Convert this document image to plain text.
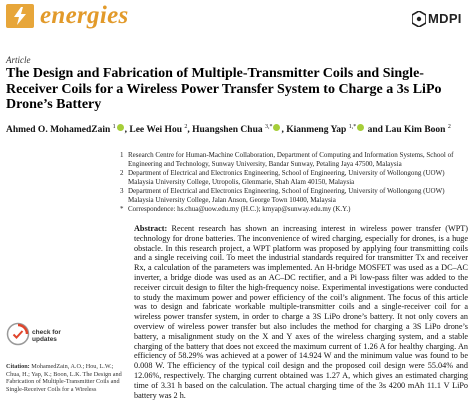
energies	MDPI
Article
The Design and Fabrication of Multiple-Transmitter Coils and Single-Receiver Coils for a Wireless Power Transfer System to Charge a 3s LiPo Drone’s Battery
Ahmed O. MohamedZain $^1$ , Lee Wei Hou $^2$, Huangshen Chua $^{3,*}$ , Kianmeng Yap $^{1,*}$ and Lau Kim Boon $^2$
1 Research Centre for Human-Machine Collaboration, Department of Computing and Information Systems, School of Engineering and Technology, Sunway University, Bandar Sunway, Petaling Jaya 47500, Malaysia
2 Department of Electrical and Electronics Engineering, School of Engineering, University of Wollongong (UOW) Malaysia University College, Utropolis, Glenmarie, Shah Alam 40150, Malaysia
3 Department of Electrical and Electronics Engineering, School of Engineering, University of Wollongong (UOW) Malaysia University College, Jalan Anson, George Town 10400, Malaysia
* Correspondence: hs.chua@uow.edu.my (H.C.); kmyap@sunway.edu.my (K.Y.)
Abstract: Recent research has shown an increasing interest in wireless power transfer (WPT) technology for drone batteries. The inconvenience of wired charging, especially for drones, is a huge obstacle. In this research project, a WPT platform was proposed by applying four transmitting coils and a single receiving coil. To meet the industrial standards required for transmitter Tx and receiver Rx, a calculation of the parameters was implemented. An H-bridge MOSFET was used as a DC–AC inverter, a bridge diode was used as an AC–DC rectifier, and a Pi low-pass filter was added to the receiver circuit design to filter the high-frequency noise. Experimental investigations were conducted to study the maximum power and power efficiency of the coil’s alignment. The focus of this article was to design and fabricate workable multiple-transmitter coils and a single-receiver coil for a wireless power transfer system, in order to charge a 3S LiPo drone’s battery. It not only covers an overview of wireless power transfer but also includes the method for charging a 3S LiPo drone’s battery, a misalignment study on the X and Y axes of the wireless charging system, and a stable charging of the battery that does not exceed the maximum current of 1.26 A for healthy charging. An efficiency of 58.29% was achieved at a power of 14.924 W and the minimum value was found to be 0.008 W. The efficiency of the typical coil design and the proposed coil design were 55.04% and 12.06%, respectively. The charging current obtained was 1.27 A, which gives an estimated charging time of 3.31 h based on the calculation. The actual charging time of the 3s 4200 mAh 11.1 V LiPo battery was 2 h.
check for updates
Citation: MohamedZain, A.O.; Hou, L.W.; Chua, H.; Yap, K.; Boon, L.K. The Design and Fabrication of Multiple-Transmitter Coils and Single-Receiver Coils for a Wireless
